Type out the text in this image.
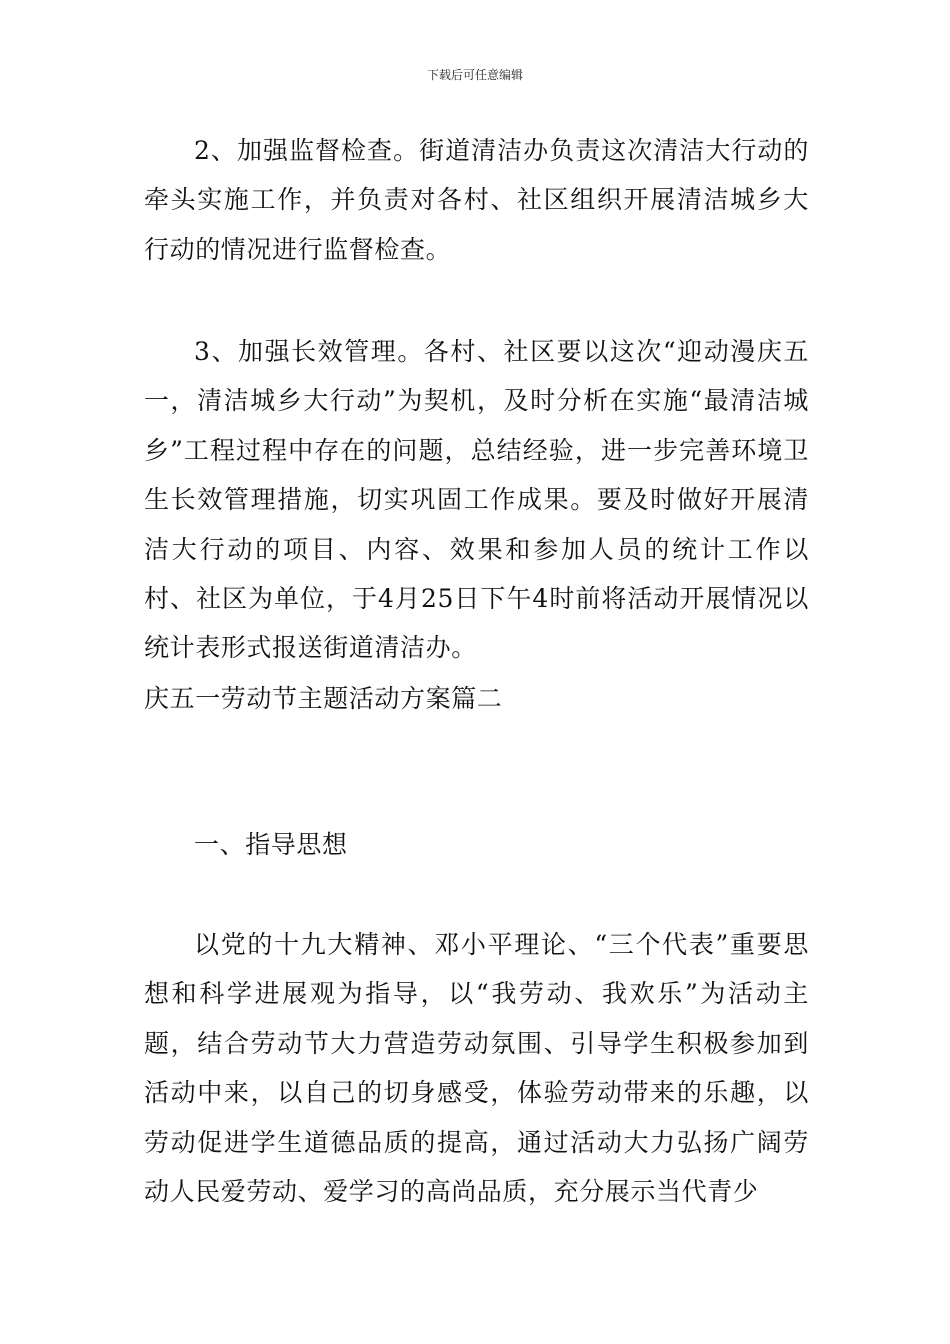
下载后可任意编辑

2、加强监督检查。街道清洁办负责这次清洁大行动的牵头实施工作，并负责对各村、社区组织开展清洁城乡大行动的情况进行监督检查。

3、加强长效管理。各村、社区要以这次“迎动漫庆五一，清洁城乡大行动”为契机，及时分析在实施“最清洁城乡”工程过程中存在的问题，总结经验，进一步完善环境卫生长效管理措施，切实巩固工作成果。要及时做好开展清洁大行动的项目、内容、效果和参加人员的统计工作以村、社区为单位，于4月25日下午4时前将活动开展情况以统计表形式报送街道清洁办。

庆五一劳动节主题活动方案篇二
一、指导思想

以党的十九大精神、邓小平理论、“三个代表”重要思想和科学进展观为指导，以“我劳动、我欢乐”为活动主题，结合劳动节大力营造劳动氛围、引导学生积极参加到活动中来，以自己的切身感受，体验劳动带来的乐趣，以劳动促进学生道德品质的提高，通过活动大力弘扬广阔劳动人民爱劳动、爱学习的高尚品质，充分展示当代青少
